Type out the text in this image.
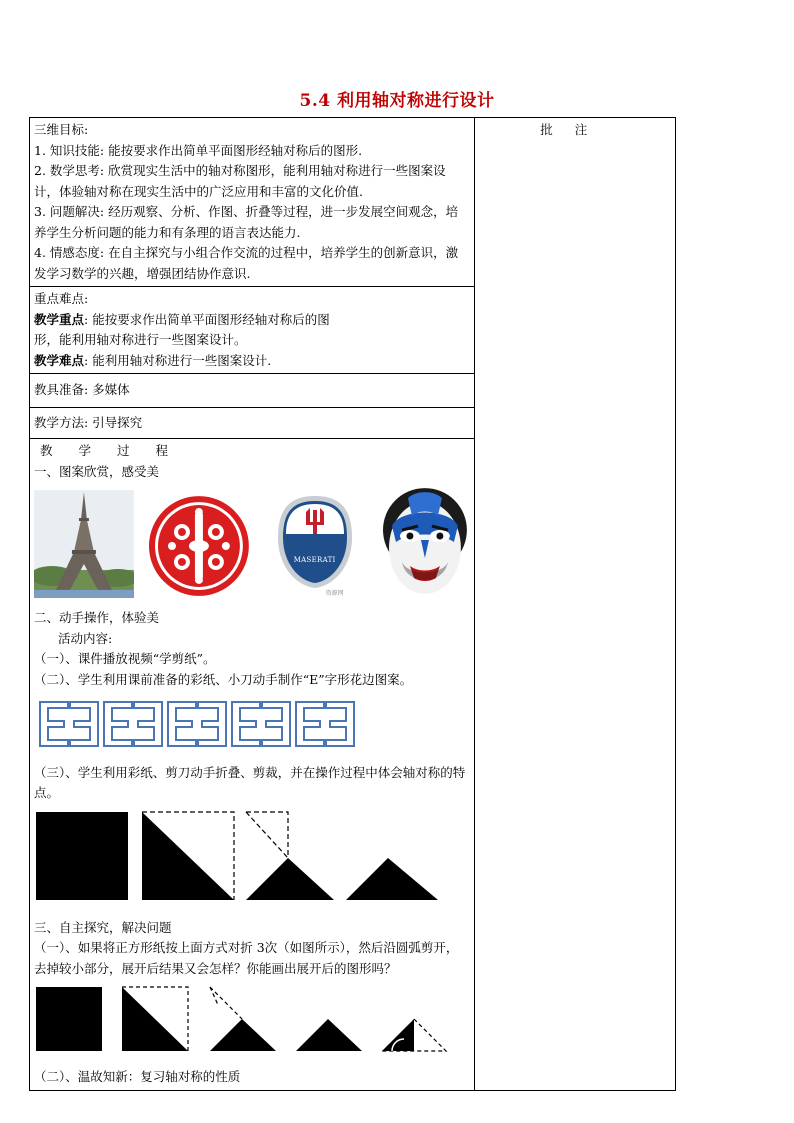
5.4 利用轴对称进行设计

三维目标:

1. 知识技能: 能按要求作出简单平面图形经轴对称后的图形.

2. 数学思考: 欣赏现实生活中的轴对称图形，能利用轴对称进行一些图案设计，体验轴对称在现实生活中的广泛应用和丰富的文化价值.

3. 问题解决: 经历观察、分析、作图、折叠等过程，进一步发展空间观念，培养学生分析问题的能力和有条理的语言表达能力.

4. 情感态度: 在自主探究与小组合作交流的过程中，培养学生的创新意识，激发学习数学的兴趣，增强团结协作意识.

	批注

重点难点:

教学重点: 能按要求作出简单平面图形经轴对称后的图

形，能利用轴对称进行一些图案设计。

教学难点: 能利用轴对称进行一些图案设计.

教具准备: 多媒体
教学方法: 引导探究

教学过程

一、图案欣赏，感受美

MASERATI
资源网

二、动手操作，体验美

活动内容:

（一）、课件播放视频“学剪纸”。

（二）、学生利用课前准备的彩纸、小刀动手制作“E”字形花边图案。

（三）、学生利用彩纸、剪刀动手折叠、剪裁，并在操作过程中体会轴对称的特点。

三、自主探究，解决问题

（一）、如果将正方形纸按上面方式对折 3次（如图所示），然后沿圆弧剪开，去掉较小部分，展开后结果又会怎样？你能画出展开后的图形吗？

（二）、温故知新：复习轴对称的性质
